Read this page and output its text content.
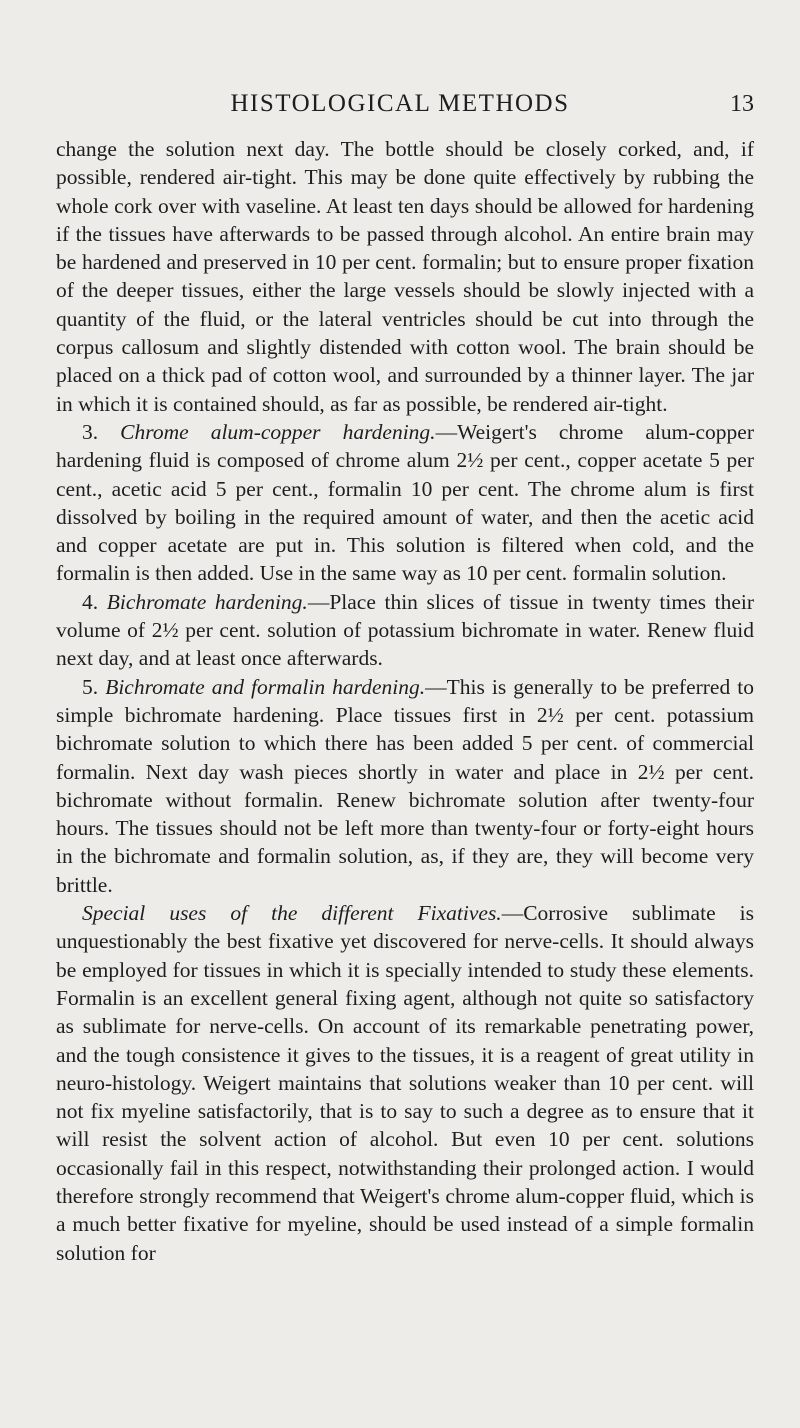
HISTOLOGICAL METHODS	13

change the solution next day. The bottle should be closely corked, and, if possible, rendered air-tight. This may be done quite effectively by rubbing the whole cork over with vaseline. At least ten days should be allowed for hardening if the tissues have afterwards to be passed through alcohol. An entire brain may be hardened and preserved in 10 per cent. formalin; but to ensure proper fixation of the deeper tissues, either the large vessels should be slowly injected with a quantity of the fluid, or the lateral ventricles should be cut into through the corpus callosum and slightly distended with cotton wool. The brain should be placed on a thick pad of cotton wool, and surrounded by a thinner layer. The jar in which it is contained should, as far as possible, be rendered air-tight.

3. Chrome alum-copper hardening.—Weigert's chrome alum-copper hardening fluid is composed of chrome alum 2½ per cent., copper acetate 5 per cent., acetic acid 5 per cent., formalin 10 per cent. The chrome alum is first dissolved by boiling in the required amount of water, and then the acetic acid and copper acetate are put in. This solution is filtered when cold, and the formalin is then added. Use in the same way as 10 per cent. formalin solution.

4. Bichromate hardening.—Place thin slices of tissue in twenty times their volume of 2½ per cent. solution of potassium bichromate in water. Renew fluid next day, and at least once afterwards.

5. Bichromate and formalin hardening.—This is generally to be preferred to simple bichromate hardening. Place tissues first in 2½ per cent. potassium bichromate solution to which there has been added 5 per cent. of commercial formalin. Next day wash pieces shortly in water and place in 2½ per cent. bichromate without formalin. Renew bichromate solution after twenty-four hours. The tissues should not be left more than twenty-four or forty-eight hours in the bichromate and formalin solution, as, if they are, they will become very brittle.

Special uses of the different Fixatives.—Corrosive sublimate is unquestionably the best fixative yet discovered for nerve-cells. It should always be employed for tissues in which it is specially intended to study these elements. Formalin is an excellent general fixing agent, although not quite so satisfactory as sublimate for nerve-cells. On account of its remarkable penetrating power, and the tough consistence it gives to the tissues, it is a reagent of great utility in neuro-histology. Weigert maintains that solutions weaker than 10 per cent. will not fix myeline satisfactorily, that is to say to such a degree as to ensure that it will resist the solvent action of alcohol. But even 10 per cent. solutions occasionally fail in this respect, notwithstanding their prolonged action. I would therefore strongly recommend that Weigert's chrome alum-copper fluid, which is a much better fixative for myeline, should be used instead of a simple formalin solution for
